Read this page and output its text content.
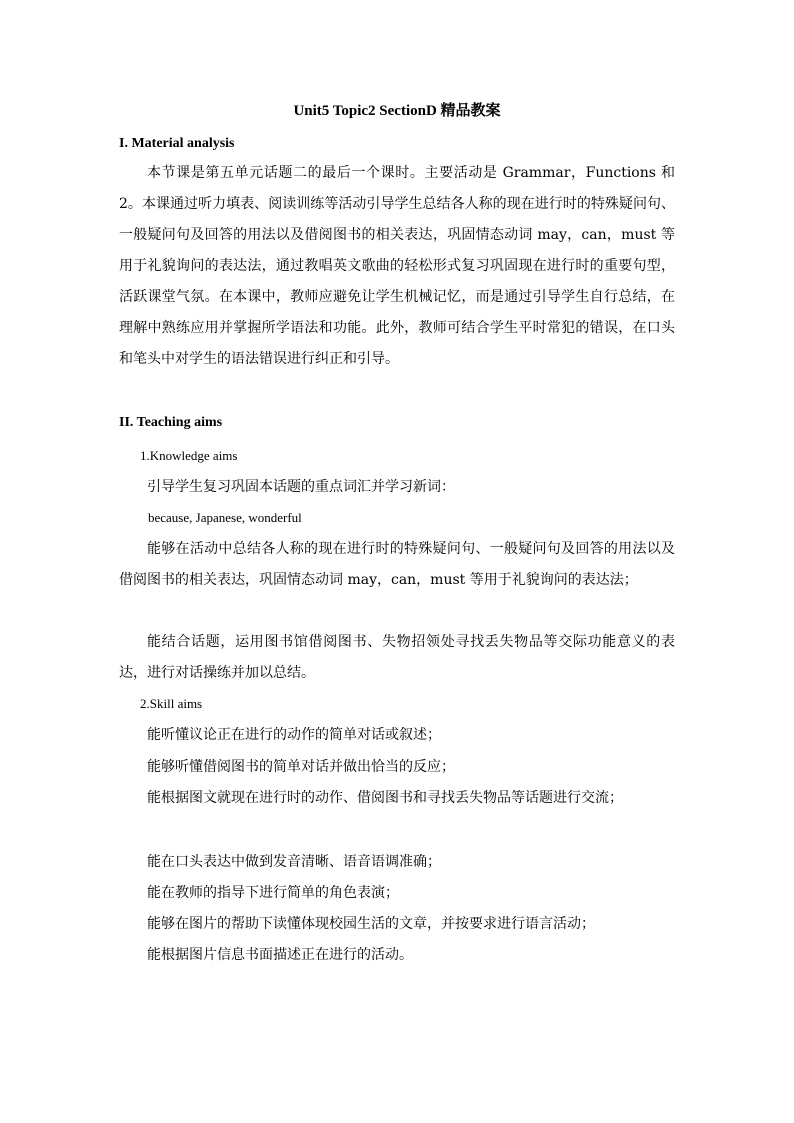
Unit5 Topic2 SectionD 精品教案
I. Material analysis
本节课是第五单元话题二的最后一个课时。主要活动是 Grammar，Functions 和 2。本课通过听力填表、阅读训练等活动引导学生总结各人称的现在进行时的特殊疑问句、一般疑问句及回答的用法以及借阅图书的相关表达，巩固情态动词 may，can，must 等用于礼貌询问的表达法，通过教唱英文歌曲的轻松形式复习巩固现在进行时的重要句型，活跃课堂气氛。在本课中，教师应避免让学生机械记忆，而是通过引导学生自行总结，在理解中熟练应用并掌握所学语法和功能。此外，教师可结合学生平时常犯的错误，在口头和笔头中对学生的语法错误进行纠正和引导。
II. Teaching aims
1.Knowledge aims
引导学生复习巩固本话题的重点词汇并学习新词：
because, Japanese, wonderful
能够在活动中总结各人称的现在进行时的特殊疑问句、一般疑问句及回答的用法以及借阅图书的相关表达，巩固情态动词 may，can，must 等用于礼貌询问的表达法；
能结合话题，运用图书馆借阅图书、失物招领处寻找丢失物品等交际功能意义的表达，进行对话操练并加以总结。
2.Skill aims
能听懂议论正在进行的动作的简单对话或叙述；
能够听懂借阅图书的简单对话并做出恰当的反应；
能根据图文就现在进行时的动作、借阅图书和寻找丢失物品等话题进行交流；
能在口头表达中做到发音清晰、语音语调准确；
能在教师的指导下进行简单的角色表演；
能够在图片的帮助下读懂体现校园生活的文章，并按要求进行语言活动；
能根据图片信息书面描述正在进行的活动。
